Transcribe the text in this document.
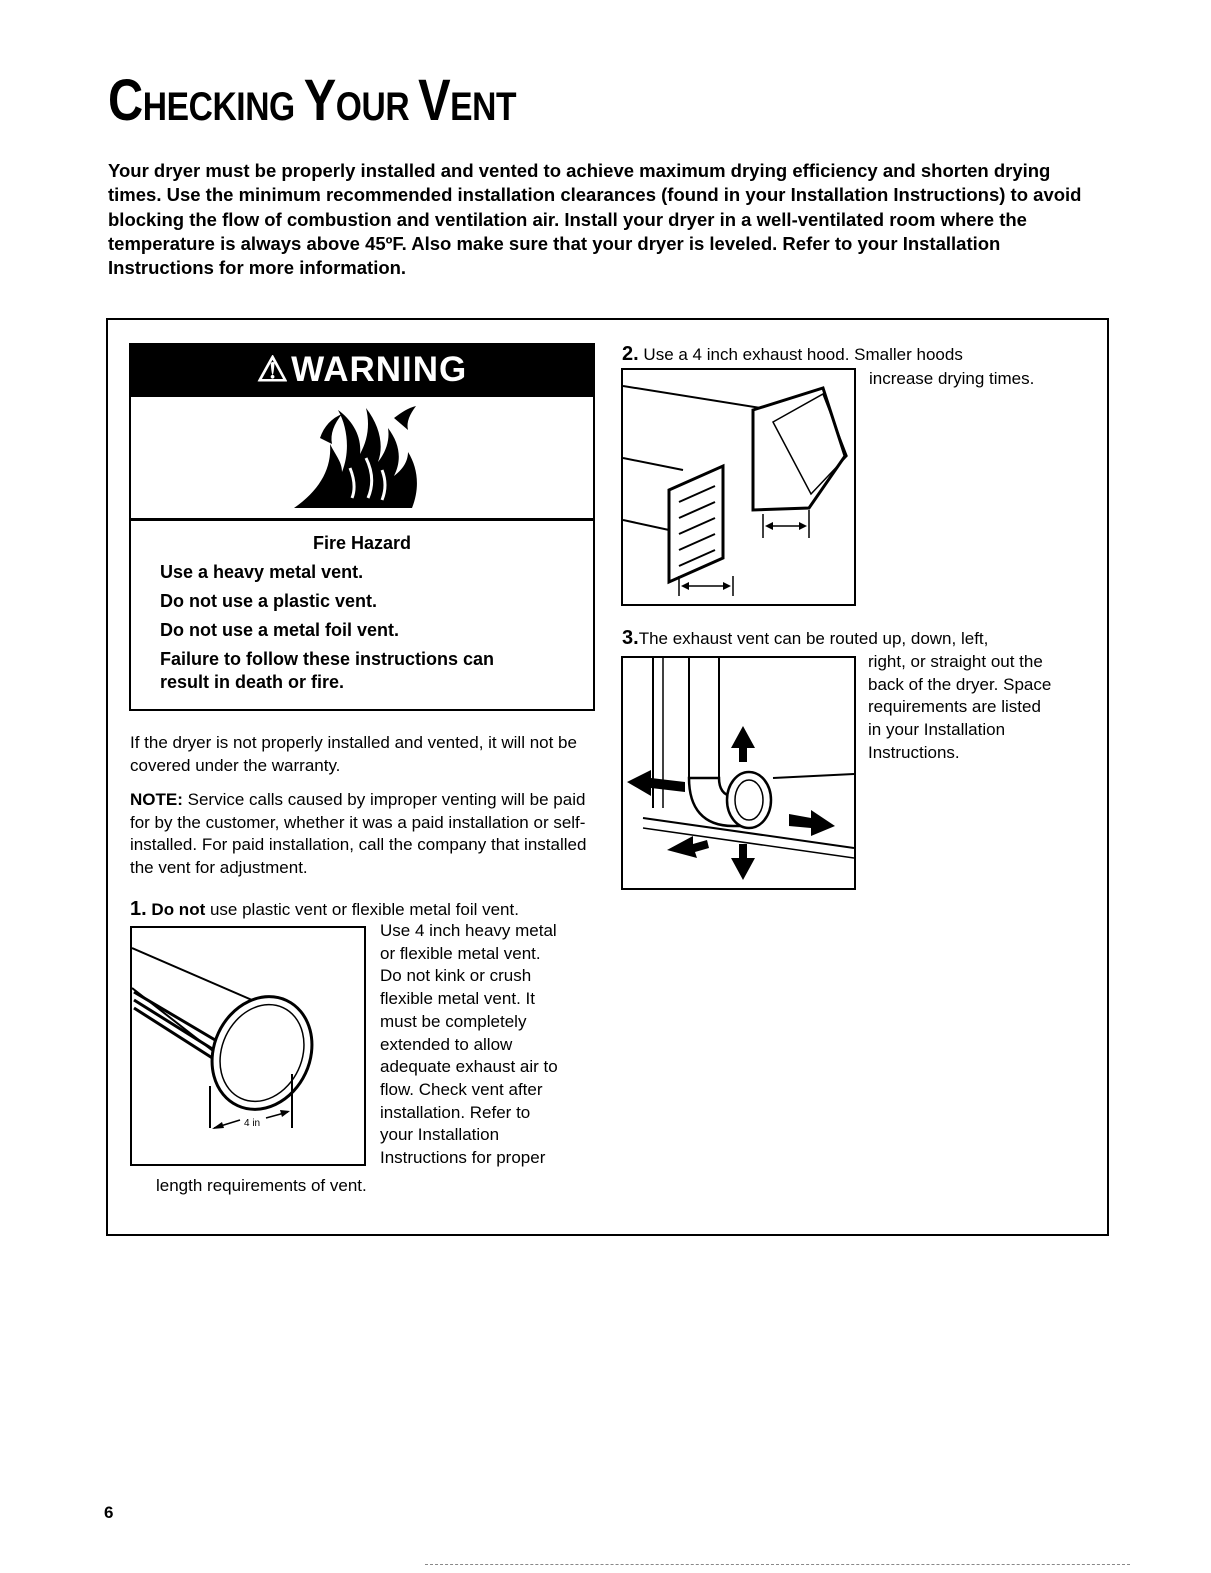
CHECKING YOUR VENT
Your dryer must be properly installed and vented to achieve maximum drying efficiency and shorten drying times. Use the minimum recommended installation clearances (found in your Installation Instructions) to avoid blocking the flow of combustion and ventilation air. Install your dryer in a well-ventilated room where the temperature is always above 45ºF. Also make sure that your dryer is leveled. Refer to your Installation Instructions for more information.
⚠ WARNING
Fire Hazard
Use a heavy metal vent.
Do not use a plastic vent.
Do not use a metal foil vent.
Failure to follow these instructions can
result in death or fire.
If the dryer is not properly installed and vented, it will not be covered under the warranty.
NOTE: Service calls caused by improper venting will be paid for by the customer, whether it was a paid installation or self-installed. For paid installation, call the company that installed the vent for adjustment.
1. Do not use plastic vent or flexible metal foil vent.
4 in
Use 4 inch heavy metal
or flexible metal vent.
Do not kink or crush
flexible metal vent. It
must be completely
extended to allow
adequate exhaust air to
flow. Check vent after
installation. Refer to
your Installation
Instructions for proper
length requirements of vent.
2. Use a 4 inch exhaust hood. Smaller hoods
increase drying times.
3.The exhaust vent can be routed up, down, left,
right, or straight out the
back of the dryer. Space
requirements are listed
in your Installation
Instructions.
6
